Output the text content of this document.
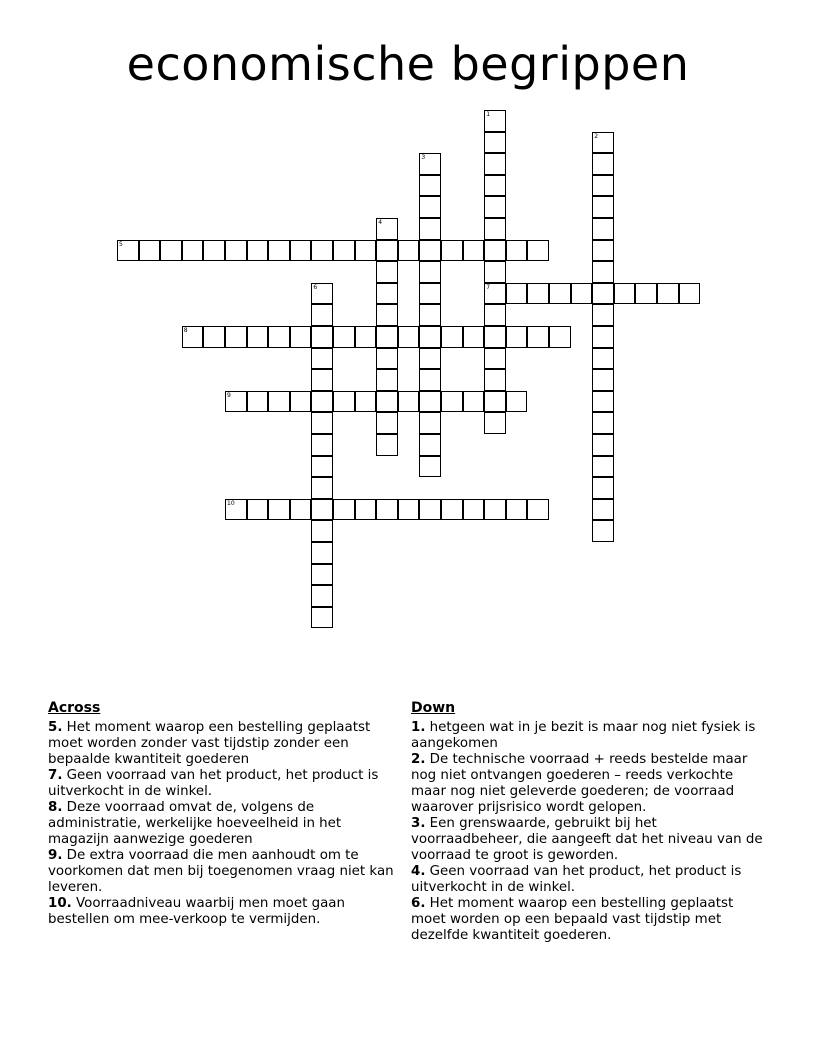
economische begrippen
1
7
2
3
4
5
6
8
9
10
Across
5. Het moment waarop een bestelling geplaatst moet worden zonder vast tijdstip zonder een bepaalde kwantiteit goederen
7. Geen voorraad van het product, het product is uitverkocht in de winkel.
8. Deze voorraad omvat de, volgens de administratie, werkelijke hoeveelheid in het magazijn aanwezige goederen
9. De extra voorraad die men aanhoudt om te voorkomen dat men bij toegenomen vraag niet kan leveren.
10. Voorraadniveau waarbij men moet gaan bestellen om mee-verkoop te vermijden.
Down
1. hetgeen wat in je bezit is maar nog niet fysiek is aangekomen
2. De technische voorraad + reeds bestelde maar nog niet ontvangen goederen – reeds verkochte maar nog niet geleverde goederen; de voorraad waarover prijsrisico wordt gelopen.
3. Een grenswaarde, gebruikt bij het voorraadbeheer, die aangeeft dat het niveau van de voorraad te groot is geworden.
4. Geen voorraad van het product, het product is uitverkocht in de winkel.
6. Het moment waarop een bestelling geplaatst moet worden op een bepaald vast tijdstip met dezelfde kwantiteit goederen.
